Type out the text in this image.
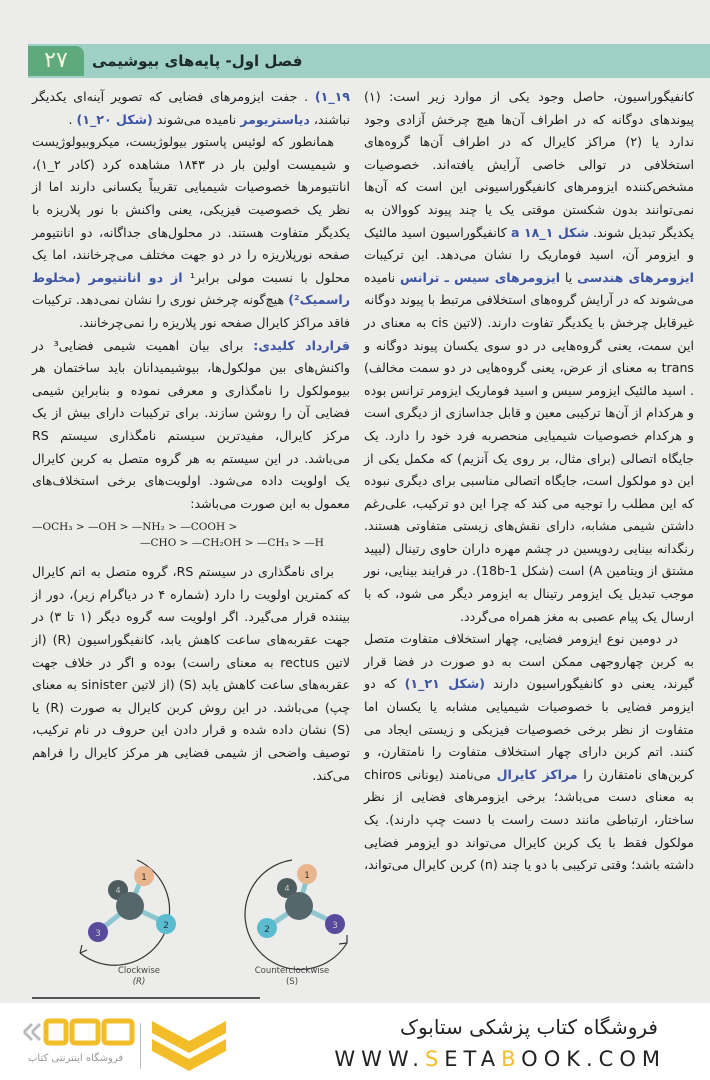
۲۷	فصل اول- پایه‌های بیوشیمی

کانفیگوراسیون، حاصل وجود یکی از موارد زیر است: (۱) پیوندهای دوگانه که در اطراف آن‌ها هیچ چرخش آزادی وجود ندارد یا (۲) مراکز کایرال که در اطراف آن‌ها گروه‌های استخلافی در توالی خاصی آرایش یافته‌اند. خصوصیات مشخص‌کننده ایزومرهای کانفیگوراسیونی این است که آن‌ها نمی‌توانند بدون شکستن موقتی یک یا چند پیوند کووالان به یکدیگر تبدیل شوند. شکل a ۱۸_۱ کانفیگوراسیون اسید مالئیک و ایزومر آن، اسید فوماریک را نشان می‌دهد. این ترکیبات ایزومرهای هندسی یا ایزومرهای سیس ـ ترانس نامیده می‌شوند که در آرایش گروه‌های استخلافی مرتبط با پیوند دوگانه غیرقابل چرخش با یکدیگر تفاوت دارند. (لاتین cis به معنای در این سمت، یعنی گروه‌هایی در دو سوی یکسان پیوند دوگانه و trans به معنای از عرض، یعنی گروه‌هایی در دو سمت مخالف) . اسید مالئیک ایزومر سیس و اسید فوماریک ایزومر ترانس بوده و هرکدام از آن‌ها ترکیبی معین و قابل جداسازی از دیگری است و هرکدام خصوصیات شیمیایی منحصربه فرد خود را دارد. یک جایگاه اتصالی (برای مثال، بر روی یک آنزیم) که مکمل یکی از این دو مولکول است، جایگاه اتصالی مناسبی برای دیگری نبوده که این مطلب را توجیه می کند که چرا این دو ترکیب، علی‌رغم داشتن شیمی مشابه، دارای نقش‌های زیستی متفاوتی هستند. رنگدانه بینایی ردوپسین در چشم مهره داران حاوی رتینال (لیپید مشتق از ویتامین A) است (شکل 1-18b). در فرایند بینایی، نور موجب تبدیل یک ایزومر رتینال به ایزومر دیگر می شود، که با ارسال یک پیام عصبی به مغز همراه می‌گردد.

در دومین نوع ایزومر فضایی، چهار استخلاف متفاوت متصل به کربن چهاروجهی ممکن است به دو صورت در فضا قرار گیرند، یعنی دو کانفیگوراسیون دارند (شکل ۲۱_۱) که دو ایزومر فضایی با خصوصیات شیمیایی مشابه یا یکسان اما متفاوت از نظر برخی خصوصیات فیزیکی و زیستی ایجاد می کنند. اتم کربن دارای چهار استخلاف متفاوت را نامتقارن، و کربن‌های نامتقارن را مراکز کایرال می‌نامند (یونانی chiros به معنای دست می‌باشد؛ برخی ایزومرهای فضایی از نظر ساختار، ارتباطی مانند دست راست با دست چپ دارند). یک مولکول فقط با یک کربن کایرال می‌تواند دو ایزومر فضایی داشته باشد؛ وقتی ترکیبی با دو یا چند (n) کربن کایرال می‌تواند،

۱۹_۱) . جفت ایزومرهای فضایی که تصویر آینه‌ای یکدیگر نباشند، دیاستریومر نامیده می‌شوند (شکل ۲۰_۱) .

همانطور که لوئیس پاستور بیولوژیست، میکروبیولوژیست و شیمیست اولین بار در ۱۸۴۳ مشاهده کرد (کادر ۲_۱)، انانتیومرها خصوصیات شیمیایی تقریباً یکسانی دارند اما از نظر یک خصوصیت فیزیکی، یعنی واکنش با نور پلاریزه با یکدیگر متفاوت هستند. در محلول‌های جداگانه، دو انانتیومر صفحه نورپلاریزه را در دو جهت مختلف می‌چرخانند، اما یک محلول با نسبت مولی برابر¹ از دو انانتیومر (مخلوط راسمیک²) هیچ‌گونه چرخش نوری را نشان نمی‌دهد. ترکیبات فاقد مراکز کایرال صفحه نور پلاریزه را نمی‌چرخانند.

قرارداد کلیدی: برای بیان اهمیت شیمی فضایی³ در واکنش‌های بین مولکول‌ها، بیوشیمیدانان باید ساختمان هر بیومولکول را نامگذاری و معرفی نموده و بنابراین شیمی فضایی آن را روشن سازند. برای ترکیبات دارای بیش از یک مرکز کایرال، مفیدترین سیستم نامگذاری سیستم RS می‌باشد. در این سیستم به هر گروه متصل به کربن کایرال یک اولویت داده می‌شود. اولویت‌های برخی استخلاف‌های معمول به این صورت می‌باشد:

—OCH₃ > —OH > —NH₂ > —COOH >
—CHO > —CH₂OH > —CH₃ > —H

برای نامگذاری در سیستم RS، گروه متصل به اتم کایرال که کمترین اولویت را دارد (شماره ۴ در دیاگرام زیر)، دور از بیننده قرار می‌گیرد. اگر اولویت سه گروه دیگر (۱ تا ۳) در جهت عقربه‌های ساعت کاهش یابد، کانفیگوراسیون (R) (از لاتین rectus به معنای راست) بوده و اگر در خلاف جهت عقربه‌های ساعت کاهش یابد (S) (از لاتین sinister به معنای چپ) می‌باشد. در این روش کربن کایرال به صورت (R) یا (S) نشان داده شده و قرار دادن این حروف در نام ترکیب، توصیف واضحی از شیمی فضایی هر مرکز کایرال را فراهم می‌کند.

1
2
3
4
1
2	3
4
Clockwise
(R)
Counterclockwise
(S)
فروشگاه اینترنتی کتاب
فروشگاه کتاب پزشکی ستابوک
WWW.SETABOOK.COM
